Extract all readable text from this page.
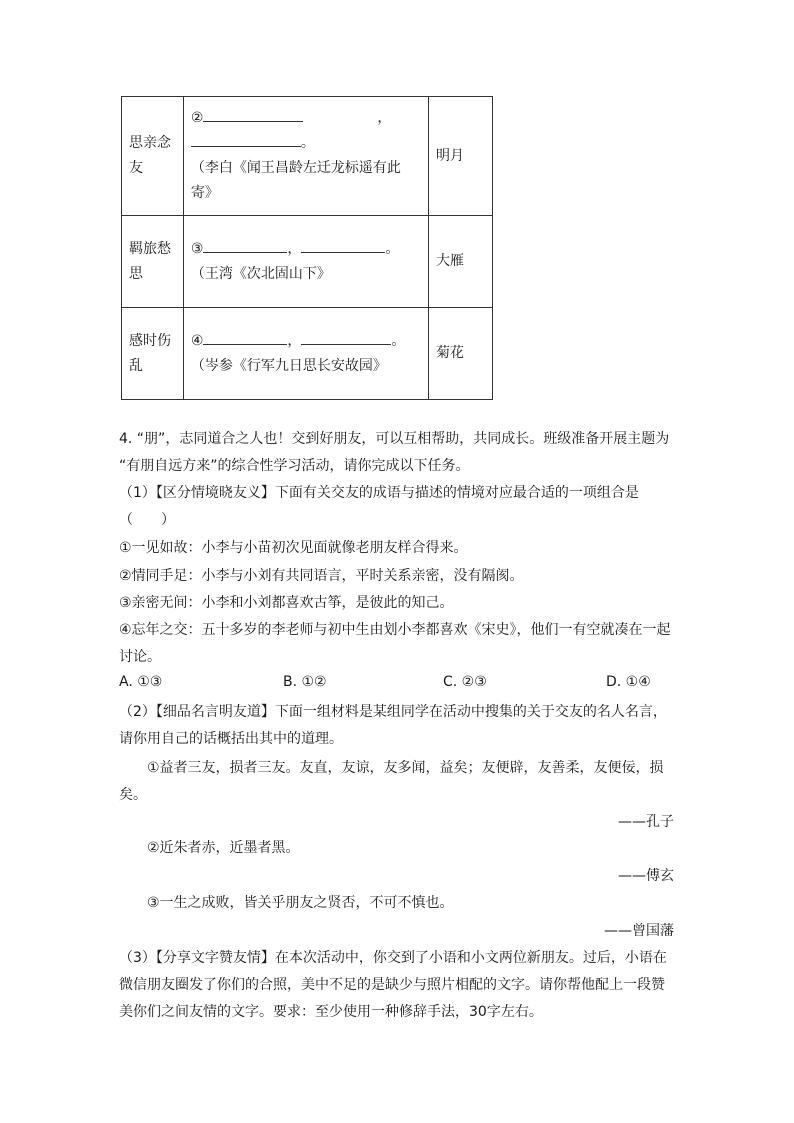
思亲念友	② ，
。
（李白《闻王昌龄左迁龙标遥有此寄》	明月
羁旅愁思	③ ， 。
（王湾《次北固山下》	大雁
感时伤乱	④ ， 。
（岑参《行军九日思长安故园》	菊花
4. “朋”，志同道合之人也！交到好朋友，可以互相帮助，共同成长。班级准备开展主题为
“有朋自远方来”的综合性学习活动，请你完成以下任务。
（1）【区分情境晓友义】下面有关交友的成语与描述的情境对应最合适的一项组合是
（　　）
①一见如故：小李与小苗初次见面就像老朋友样合得来。
②情同手足：小李与小刘有共同语言，平时关系亲密，没有隔阂。
③亲密无间：小李和小刘都喜欢古筝，是彼此的知己。
④忘年之交：五十多岁的李老师与初中生由划小李都喜欢《宋史》，他们一有空就凑在一起
讨论。
A. ①③	B. ①②	C. ②③	D. ①④
（2）【细品名言明友道】下面一组材料是某组同学在活动中搜集的关于交友的名人名言，
请你用自己的话概括出其中的道理。
①益者三友，损者三友。友直，友谅，友多闻，益矣；友便辟，友善柔，友便佞，损
矣。
——孔子
②近朱者赤，近墨者黑。
——傅玄
③一生之成败，皆关乎朋友之贤否，不可不慎也。
——曾国藩
（3）【分享文字赞友情】在本次活动中，你交到了小语和小文两位新朋友。过后，小语在
微信朋友圈发了你们的合照，美中不足的是缺少与照片相配的文字。请你帮他配上一段赞
美你们之间友情的文字。要求：至少使用一种修辞手法，30字左右。
